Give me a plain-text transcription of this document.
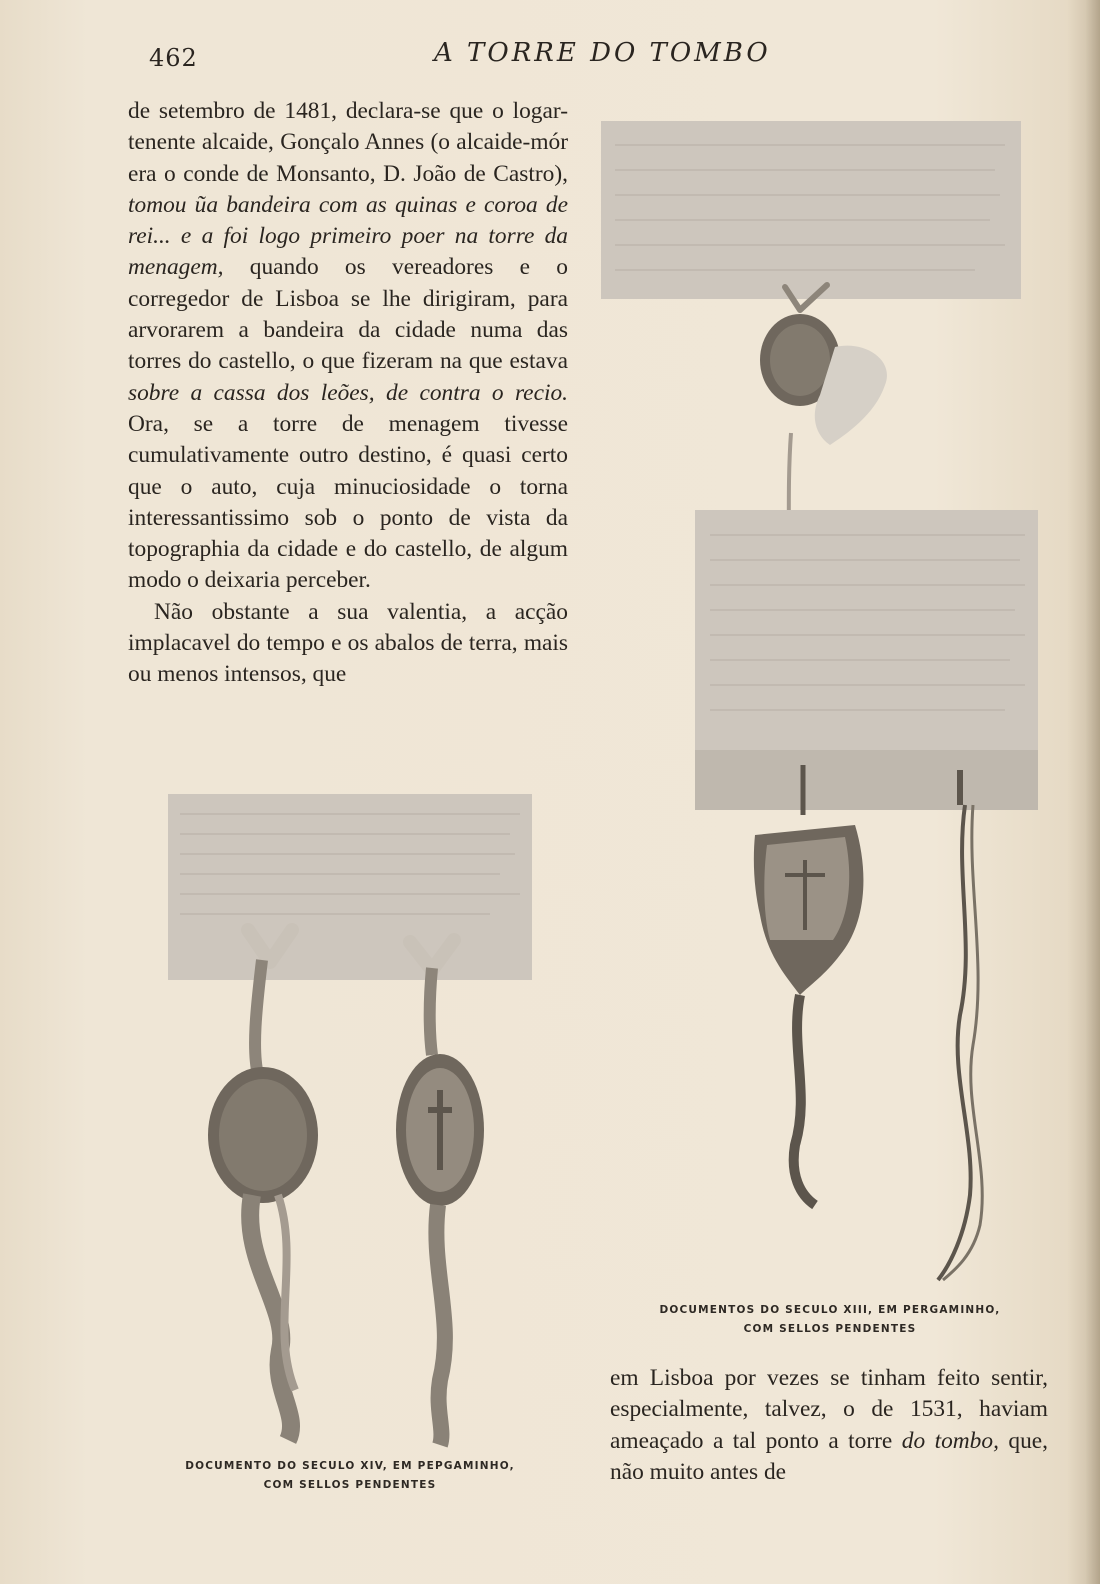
462	A TORRE DO TOMBO

de setembro de 1481, declara-se que o logar-tenente alcaide, Gonçalo Annes (o alcaide-mór era o conde de Monsanto, D. João de Castro), tomou ũa bandeira com as quinas e coroa de rei... e a foi logo primeiro poer na torre da menagem, quando os vereadores e o corregedor de Lisboa se lhe dirigiram, para arvorarem a bandeira da cidade numa das torres do castello, o que fizeram na que estava sobre a cassa dos leões, de contra o recio. Ora, se a torre de menagem tivesse cumulativamente outro destino, é quasi certo que o auto, cuja minuciosidade o torna interessantissimo sob o ponto de vista da topographia da cidade e do castello, de algum modo o deixaria perceber.

Não obstante a sua valentia, a acção implacavel do tempo e os abalos de terra, mais ou menos intensos, que

DOCUMENTO DO SECULO XIV, EM PEPGAMINHO,
COM SELLOS PENDENTES
DOCUMENTOS DO SECULO XIII, EM PERGAMINHO,
COM SELLOS PENDENTES

em Lisboa por vezes se tinham feito sentir, especialmente, talvez, o de 1531, haviam ameaçado a tal ponto a torre do tombo, que, não muito antes de
